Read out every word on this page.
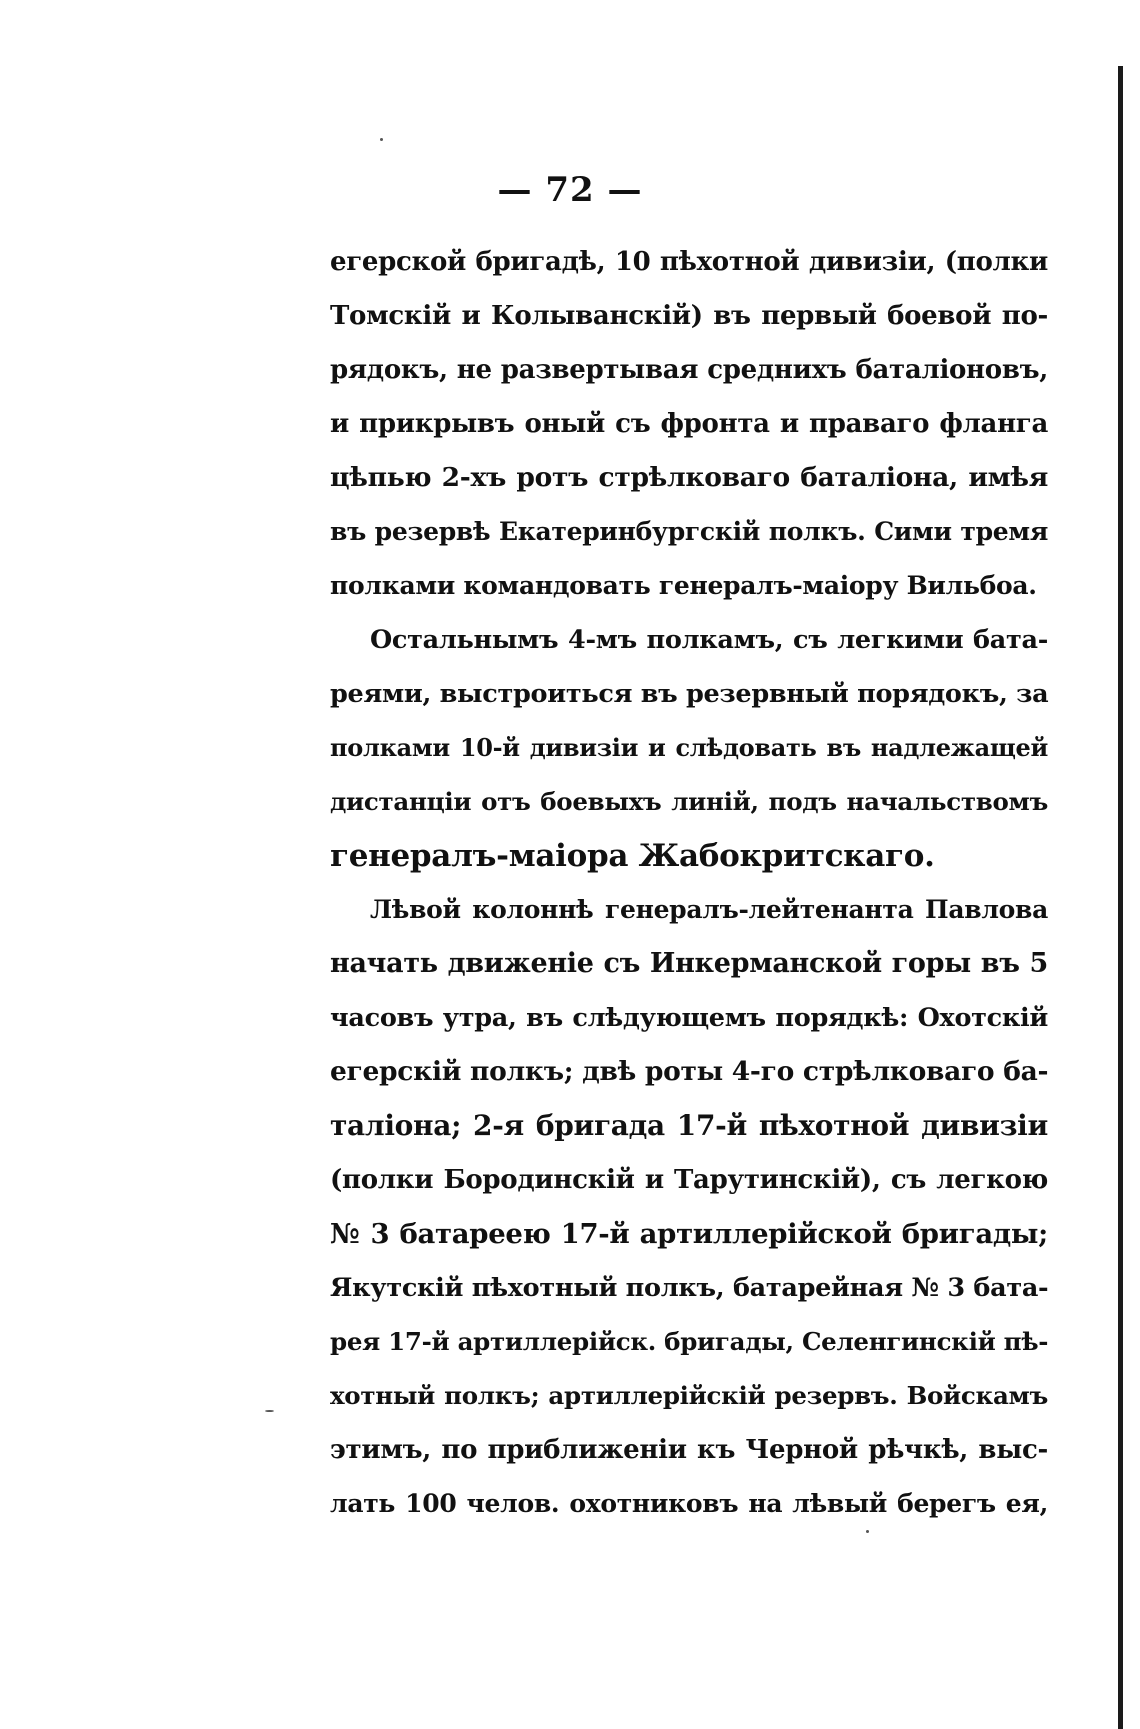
— 72 —
егерской бригадѣ, 10 пѣхотной дивизіи, (полки
Томскій и Колыванскій) въ первый боевой по-
рядокъ, не развертывая среднихъ баталіоновъ,
и прикрывъ оный съ фронта и праваго фланга
цѣпью 2-хъ ротъ стрѣлковаго баталіона, имѣя
въ резервѣ Екатеринбургскій полкъ. Сими тремя
полками командовать генералъ-маіору Вильбоа.
Остальнымъ 4-мъ полкамъ, съ легкими бата-
реями, выстроиться въ резервный порядокъ, за
полками 10-й дивизіи и слѣдовать въ надлежащей
дистанціи отъ боевыхъ линій, подъ начальствомъ
генералъ-маіора Жабокритскаго.
Лѣвой колоннѣ генералъ-лейтенанта Павлова
начать движеніе съ Инкерманской горы въ 5
часовъ утра, въ слѣдующемъ порядкѣ: Охотскій
егерскій полкъ; двѣ роты 4-го стрѣлковаго ба-
таліона; 2-я бригада 17-й пѣхотной дивизіи
(полки Бородинскій и Тарутинскій), съ легкою
№ 3 батареею 17-й артиллерійской бригады;
Якутскій пѣхотный полкъ, батарейная № 3 бата-
рея 17-й артиллерійск. бригады, Селенгинскій пѣ-
хотный полкъ; артиллерійскій резервъ. Войскамъ
этимъ, по приближеніи къ Черной рѣчкѣ, выс-
лать 100 челов. охотниковъ на лѣвый берегъ ея,
